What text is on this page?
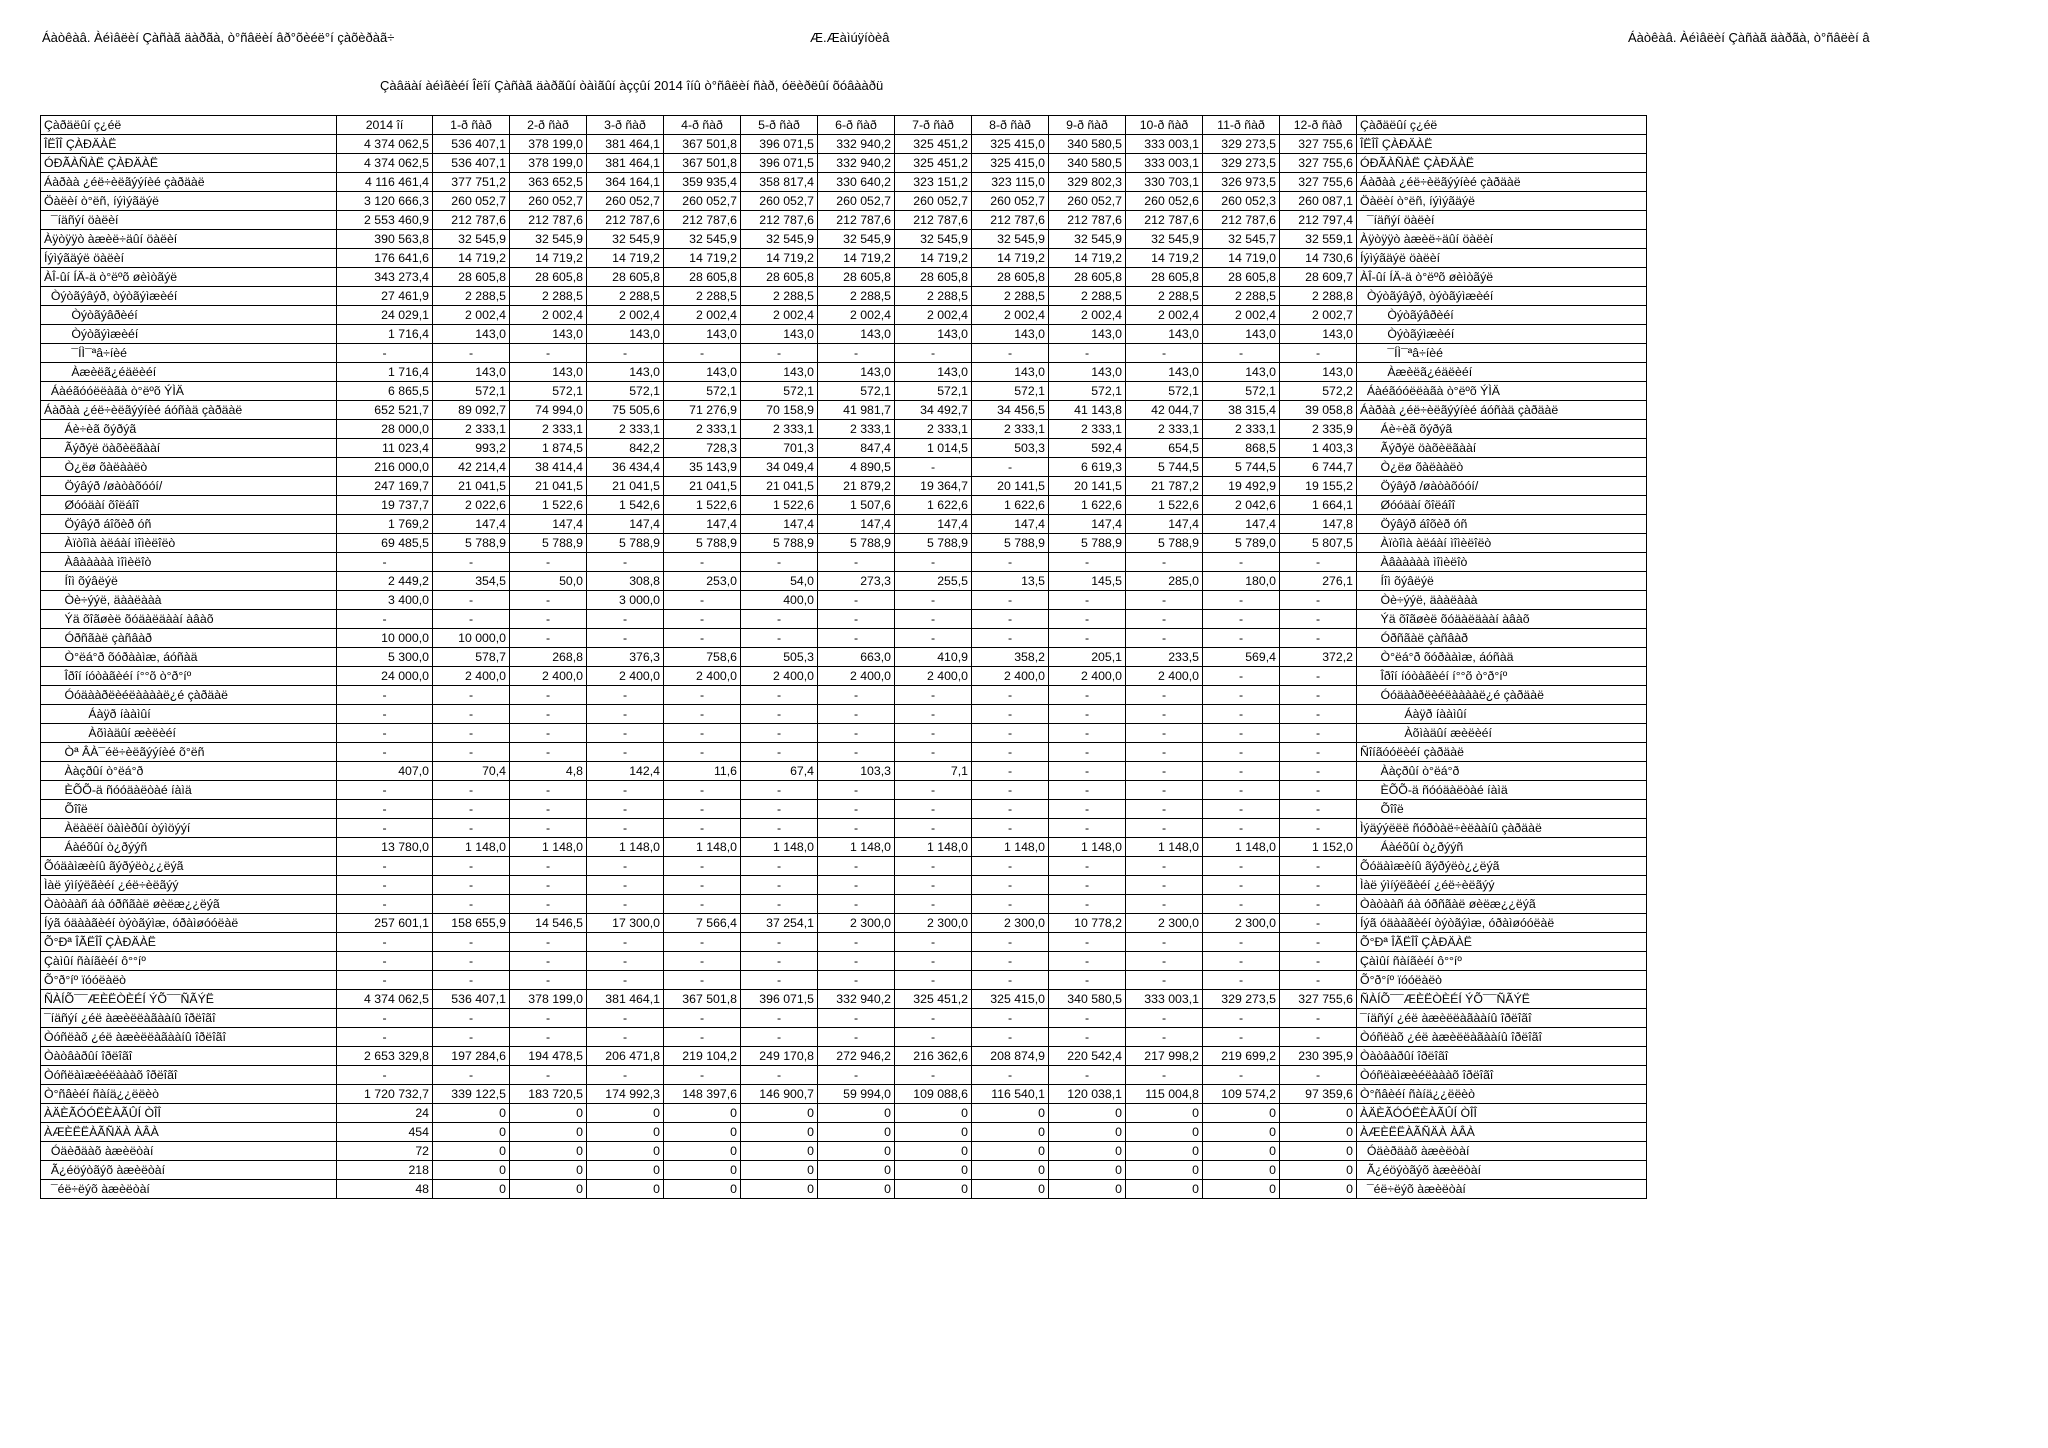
Áàòêàâ. Àéìâëèí Çàñàã äàðãà, ò°ñâëèí âð°õèéë°í çàõèðàã÷	Æ.Æàìúÿíòèâ	Áàòêàâ. Àéìâëèí Çàñàã äàðãà, ò°ñâëèí â
Çàâäàí àéìãèéí Îëîí Çàñàã äàðãûí òàìãûí àççûí 2014 îíû ò°ñâëèí ñàð, óëèðëûí õóâààðü
Çàðäëûí ç¿éë	2014 îí	1-ð ñàð	2-ð ñàð	3-ð ñàð	4-ð ñàð	5-ð ñàð	6-ð ñàð	7-ð ñàð	8-ð ñàð	9-ð ñàð	10-ð ñàð	11-ð ñàð	12-ð ñàð	Çàðäëûí ç¿éë
ÎËÎÎ ÇÀÐÄÀË	4 374 062,5	536 407,1	378 199,0	381 464,1	367 501,8	396 071,5	332 940,2	325 451,2	325 415,0	340 580,5	333 003,1	329 273,5	327 755,6	ÎËÎÎ ÇÀÐÄÀË
ÓÐÃÀÑÀË ÇÀÐÄÀË	4 374 062,5	536 407,1	378 199,0	381 464,1	367 501,8	396 071,5	332 940,2	325 451,2	325 415,0	340 580,5	333 003,1	329 273,5	327 755,6	ÓÐÃÀÑÀË ÇÀÐÄÀË
Áàðàà ¿éë÷èëãýýíèé çàðäàë	4 116 461,4	377 751,2	363 652,5	364 164,1	359 935,4	358 817,4	330 640,2	323 151,2	323 115,0	329 802,3	330 703,1	326 973,5	327 755,6	Áàðàà ¿éë÷èëãýýíèé çàðäàë
Öàëèí ò°ëñ, íýìýãäýë	3 120 666,3	260 052,7	260 052,7	260 052,7	260 052,7	260 052,7	260 052,7	260 052,7	260 052,7	260 052,7	260 052,6	260 052,3	260 087,1	Öàëèí ò°ëñ, íýìýãäýë
¯íäñýí öàëèí	2 553 460,9	212 787,6	212 787,6	212 787,6	212 787,6	212 787,6	212 787,6	212 787,6	212 787,6	212 787,6	212 787,6	212 787,6	212 797,4	¯íäñýí öàëèí
Àÿòÿÿò àæèë÷äûí öàëèí	390 563,8	32 545,9	32 545,9	32 545,9	32 545,9	32 545,9	32 545,9	32 545,9	32 545,9	32 545,9	32 545,9	32 545,7	32 559,1	Àÿòÿÿò àæèë÷äûí öàëèí
Íýìýãäýë öàëèí	176 641,6	14 719,2	14 719,2	14 719,2	14 719,2	14 719,2	14 719,2	14 719,2	14 719,2	14 719,2	14 719,2	14 719,0	14 730,6	Íýìýãäýë öàëèí
ÀÎ-ûí ÍÄ-ä ò°ëºõ øèìòãýë	343 273,4	28 605,8	28 605,8	28 605,8	28 605,8	28 605,8	28 605,8	28 605,8	28 605,8	28 605,8	28 605,8	28 605,8	28 609,7	ÀÎ-ûí ÍÄ-ä ò°ëºõ øèìòãýë
Òýòãýâýð, òýòãýìæèéí	27 461,9	2 288,5	2 288,5	2 288,5	2 288,5	2 288,5	2 288,5	2 288,5	2 288,5	2 288,5	2 288,5	2 288,5	2 288,8	Òýòãýâýð, òýòãýìæèéí
Òýòãýâðèéí	24 029,1	2 002,4	2 002,4	2 002,4	2 002,4	2 002,4	2 002,4	2 002,4	2 002,4	2 002,4	2 002,4	2 002,4	2 002,7	Òýòãýâðèéí
Òýòãýìæèéí	1 716,4	143,0	143,0	143,0	143,0	143,0	143,0	143,0	143,0	143,0	143,0	143,0	143,0	Òýòãýìæèéí
¯ÍÌ¯ªâ÷íèé	-	-	-	-	-	-	-	-	-	-	-	-	-	¯ÍÌ¯ªâ÷íèé
Àæèëã¿éäëèéí	1 716,4	143,0	143,0	143,0	143,0	143,0	143,0	143,0	143,0	143,0	143,0	143,0	143,0	Àæèëã¿éäëèéí
Áàéãóóëëàãà ò°ëºõ ÝÌÄ	6 865,5	572,1	572,1	572,1	572,1	572,1	572,1	572,1	572,1	572,1	572,1	572,1	572,2	Áàéãóóëëàãà ò°ëºõ ÝÌÄ
Áàðàà ¿éë÷èëãýýíèé áóñàä çàðäàë	652 521,7	89 092,7	74 994,0	75 505,6	71 276,9	70 158,9	41 981,7	34 492,7	34 456,5	41 143,8	42 044,7	38 315,4	39 058,8	Áàðàà ¿éë÷èëãýýíèé áóñàä çàðäàë
Áè÷èã õýðýã	28 000,0	2 333,1	2 333,1	2 333,1	2 333,1	2 333,1	2 333,1	2 333,1	2 333,1	2 333,1	2 333,1	2 333,1	2 335,9	Áè÷èã õýðýã
Ãýðýë öàõèëãààí	11 023,4	993,2	1 874,5	842,2	728,3	701,3	847,4	1 014,5	503,3	592,4	654,5	868,5	1 403,3	Ãýðýë öàõèëãààí
Ò¿ëø õàëààëò	216 000,0	42 214,4	38 414,4	36 434,4	35 143,9	34 049,4	4 890,5	-	-	6 619,3	5 744,5	5 744,5	6 744,7	Ò¿ëø õàëààëò
Öýâýð /øàòàõóóí/	247 169,7	21 041,5	21 041,5	21 041,5	21 041,5	21 041,5	21 879,2	19 364,7	20 141,5	20 141,5	21 787,2	19 492,9	19 155,2	Öýâýð /øàòàõóóí/
Øóóäàí õîëáîî	19 737,7	2 022,6	1 522,6	1 542,6	1 522,6	1 522,6	1 507,6	1 622,6	1 622,6	1 622,6	1 522,6	2 042,6	1 664,1	Øóóäàí õîëáîî
Öýâýð áîõèð óñ	1 769,2	147,4	147,4	147,4	147,4	147,4	147,4	147,4	147,4	147,4	147,4	147,4	147,8	Öýâýð áîõèð óñ
Àïòîìà àëáàí ìîìèëîëò	69 485,5	5 788,9	5 788,9	5 788,9	5 788,9	5 788,9	5 788,9	5 788,9	5 788,9	5 788,9	5 788,9	5 789,0	5 807,5	Àïòîìà àëáàí ìîìèëîëò
Àâààààà ìîìèëîò	-	-	-	-	-	-	-	-	-	-	-	-	-	Àâààààà ìîìèëîò
Íîì õýâëýë	2 449,2	354,5	50,0	308,8	253,0	54,0	273,3	255,5	13,5	145,5	285,0	180,0	276,1	Íîì õýâëýë
Òè÷ýýë, äààëààà	3 400,0	-	-	3 000,0	-	400,0	-	-	-	-	-	-	-	Òè÷ýýë, äààëààà
Ýä õîãøèë õóäàëäààí àâàõ	-	-	-	-	-	-	-	-	-	-	-	-	-	Ýä õîãøèë õóäàëäààí àâàõ
Óðñãàë çàñâàð	10 000,0	10 000,0	-	-	-	-	-	-	-	-	-	-	-	Óðñãàë çàñâàð
Ò°ëá°ð õóðààìæ, áóñàä	5 300,0	578,7	268,8	376,3	758,6	505,3	663,0	410,9	358,2	205,1	233,5	569,4	372,2	Ò°ëá°ð õóðààìæ, áóñàä
Îðîí íóòàãèéí í°°õ ò°ð°íº	24 000,0	2 400,0	2 400,0	2 400,0	2 400,0	2 400,0	2 400,0	2 400,0	2 400,0	2 400,0	2 400,0	-	-	Îðîí íóòàãèéí í°°õ ò°ð°íº
Óóäààðëèéëààààë¿é çàðäàë	-	-	-	-	-	-	-	-	-	-	-	-	-	Óóäààðëèéëààààë¿é çàðäàë
Áàÿð íààìûí	-	-	-	-	-	-	-	-	-	-	-	-	-	Áàÿð íààìûí
Àõìàäûí æèëèéí	-	-	-	-	-	-	-	-	-	-	-	-	-	Àõìàäûí æèëèéí
Òª ÂÀ¯éë÷èëãýýíèé õ°ëñ	-	-	-	-	-	-	-	-	-	-	-	-	-	Ñîíãóóëèéí çàðäàë
Ààçðûí ò°ëá°ð	407,0	70,4	4,8	142,4	11,6	67,4	103,3	7,1	-	-	-	-	-	Ààçðûí ò°ëá°ð
ÈÕÕ-ä ñóóäàëòàé íàìä	-	-	-	-	-	-	-	-	-	-	-	-	-	ÈÕÕ-ä ñóóäàëòàé íàìä
Õîîë	-	-	-	-	-	-	-	-	-	-	-	-	-	Õîîë
Àëàëëí öàìèðûí òýìöýýí	-	-	-	-	-	-	-	-	-	-	-	-	-	Ìýäýýëëë ñóðòàë÷èëààíû çàðäàë
Áàéõûí ò¿ðýýñ	13 780,0	1 148,0	1 148,0	1 148,0	1 148,0	1 148,0	1 148,0	1 148,0	1 148,0	1 148,0	1 148,0	1 148,0	1 152,0	Áàéõûí ò¿ðýýñ
Õóäàìæèíû ãýðýëò¿¿ëýã	-	-	-	-	-	-	-	-	-	-	-	-	-	Õóäàìæèíû ãýðýëò¿¿ëýã
Ìàë ýìíýëãèéí ¿éë÷èëãýý	-	-	-	-	-	-	-	-	-	-	-	-	-	Ìàë ýìíýëãèéí ¿éë÷èëãýý
Òàòààñ áà óðñãàë øèëæ¿¿ëýã	-	-	-	-	-	-	-	-	-	-	-	-	-	Òàòààñ áà óðñãàë øèëæ¿¿ëýã
Íýã óäààãèéí òýòãýìæ, óðàìøóóëàë	257 601,1	158 655,9	14 546,5	17 300,0	7 566,4	37 254,1	2 300,0	2 300,0	2 300,0	10 778,2	2 300,0	2 300,0	-	Íýã óäààãèéí òýòãýìæ, óðàìøóóëàë
Õ°Ðª ÎÃËÎÎ ÇÀÐÄÀË	-	-	-	-	-	-	-	-	-	-	-	-	-	Õ°Ðª ÎÃËÎÎ ÇÀÐÄÀË
Çàìûí ñàíãèéí ô°°íº	-	-	-	-	-	-	-	-	-	-	-	-	-	Çàìûí ñàíãèéí ô°°íº
Õ°ð°íº ïóóëàëò	-	-	-	-	-	-	-	-	-	-	-	-	-	Õ°ð°íº ïóóëàëò
ÑÀÍÕ¯¯ÆÈËÒÈÉÍ ÝÕ¯¯ÑÃÝË	4 374 062,5	536 407,1	378 199,0	381 464,1	367 501,8	396 071,5	332 940,2	325 451,2	325 415,0	340 580,5	333 003,1	329 273,5	327 755,6	ÑÀÍÕ¯¯ÆÈËÒÈÉÍ ÝÕ¯¯ÑÃÝË
¯íäñýí ¿éë àæèëëàãààíû îðëîãî	-	-	-	-	-	-	-	-	-	-	-	-	-	¯íäñýí ¿éë àæèëëàãààíû îðëîãî
Òóñëàõ ¿éë àæèëëàãààíû îðëîãî	-	-	-	-	-	-	-	-	-	-	-	-	-	Òóñëàõ ¿éë àæèëëàãààíû îðëîãî
Òàòâàðûí îðëîãî	2 653 329,8	197 284,6	194 478,5	206 471,8	219 104,2	249 170,8	272 946,2	216 362,6	208 874,9	220 542,4	217 998,2	219 699,2	230 395,9	Òàòâàðûí îðëîãî
Òóñëàìæèéëàààõ îðëîãî	-	-	-	-	-	-	-	-	-	-	-	-	-	Òóñëàìæèéëàààõ îðëîãî
Ò°ñâèéí ñàíä¿¿ëëèò	1 720 732,7	339 122,5	183 720,5	174 992,3	148 397,6	146 900,7	59 994,0	109 088,6	116 540,1	120 038,1	115 004,8	109 574,2	97 359,6	Ò°ñâèéí ñàíä¿¿ëëèò
ÀÄÈÃÓÓËÈÀÃÛÍ ÒÎÎ	24	0	0	0	0	0	0	0	0	0	0	0	0	ÀÄÈÃÓÓËÈÀÃÛÍ ÒÎÎ
ÀÆÈËËÀÃÑÄÀ ÀÂÀ	454	0	0	0	0	0	0	0	0	0	0	0	0	ÀÆÈËËÀÃÑÄÀ ÀÂÀ
Óäèðäàõ àæèëòàí	72	0	0	0	0	0	0	0	0	0	0	0	0	Óäèðäàõ àæèëòàí
Ã¿éöýòãýõ àæèëòàí	218	0	0	0	0	0	0	0	0	0	0	0	0	Ã¿éöýòãýõ àæèëòàí
¯éë÷ëýõ àæèëòàí	48	0	0	0	0	0	0	0	0	0	0	0	0	¯éë÷ëýõ àæèëòàí
